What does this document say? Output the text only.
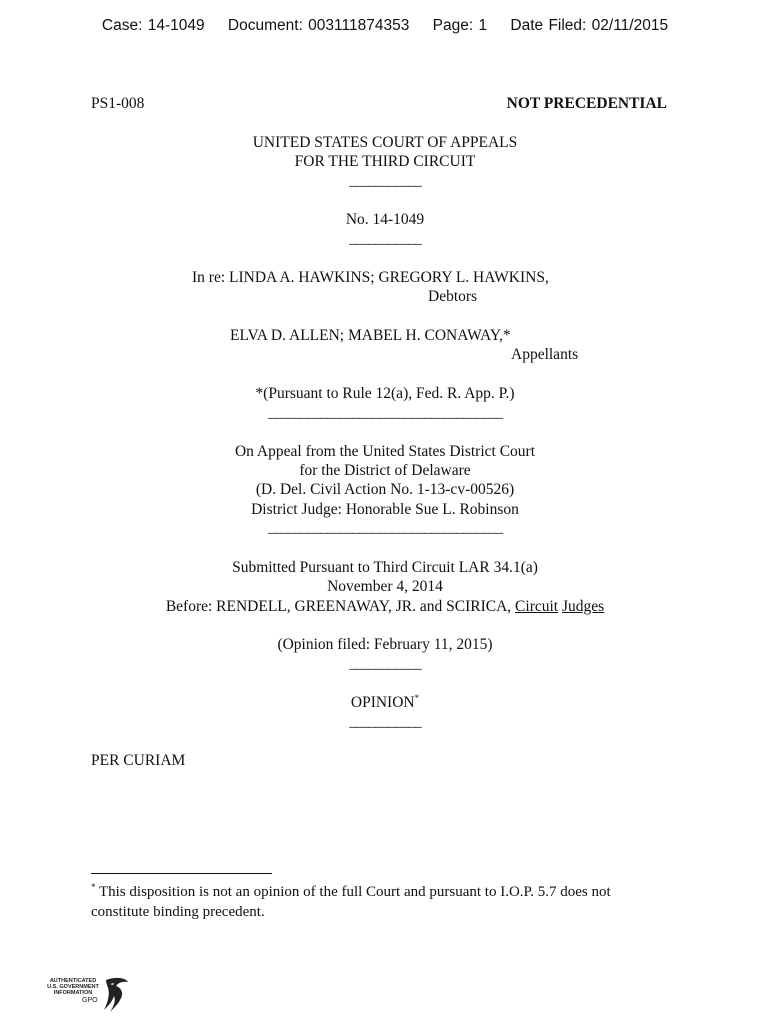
Case: 14-1049 Document: 003111874353 Page: 1 Date Filed: 02/11/2015
PS1-008	NOT PRECEDENTIAL
UNITED STATES COURT OF APPEALS
FOR THE THIRD CIRCUIT
___________
No. 14-1049
___________
In re: LINDA A. HAWKINS; GREGORY L. HAWKINS,
Debtors
ELVA D. ALLEN; MABEL H. CONAWAY,*
Appellants
*(Pursuant to Rule 12(a), Fed. R. App. P.)
____________________________________
On Appeal from the United States District Court
for the District of Delaware
(D. Del. Civil Action No. 1-13-cv-00526)
District Judge: Honorable Sue L. Robinson
____________________________________
Submitted Pursuant to Third Circuit LAR 34.1(a)
November 4, 2014
Before: RENDELL, GREENAWAY, JR. and SCIRICA, Circuit Judges
(Opinion filed: February 11, 2015)
___________
OPINION*
___________
PER CURIAM
* This disposition is not an opinion of the full Court and pursuant to I.O.P. 5.7 does not
constitute binding precedent.
AUTHENTICATED
U.S. GOVERNMENT
INFORMATION
GPO
